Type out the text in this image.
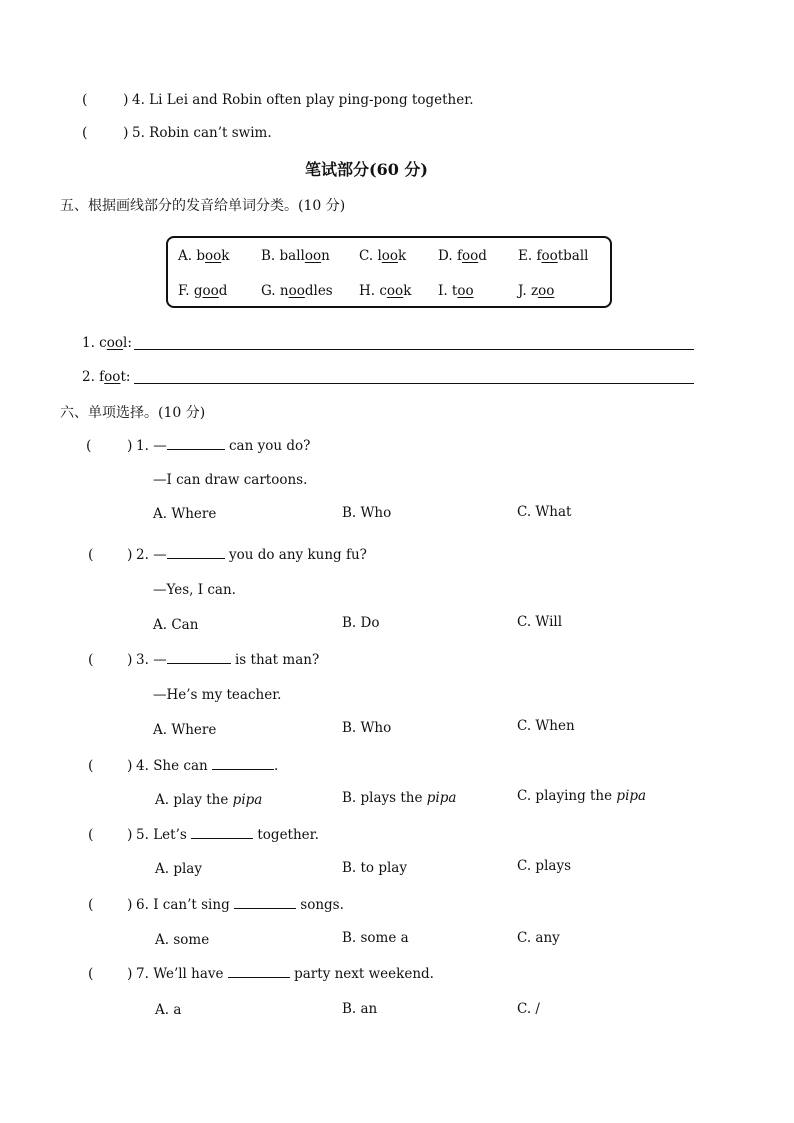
(	) 4. Li Lei and Robin often play ping-pong together.
(	) 5. Robin can’t swim.
笔试部分(60 分)
五、根据画线部分的发音给单词分类。(10 分)
A. book B. balloon C. look D. food E. football
F. good G. noodles H. cook I. too	J. zoo
1. cool:
2. foot:
六、单项选择。(10 分)
(	) 1. —	can you do?
—I can draw cartoons.
A. Where	B. Who	C. What
( ) 2. —	you do any kung fu?
—Yes, I can.
A. Can	B. Do	C. Will
( ) 3. —	is that man?
—He’s my teacher.
A. Where	B. Who	C. When
( ) 4. She can	.
A. play the pipa	B. plays the pipa	C. playing the pipa
( ) 5. Let’s	together.
A. play	B. to play	C. plays
( ) 6. I can’t sing	songs.
A. some	B. some a	C. any
( ) 7. We’ll have	party next weekend.
A. a	B. an	C. /
